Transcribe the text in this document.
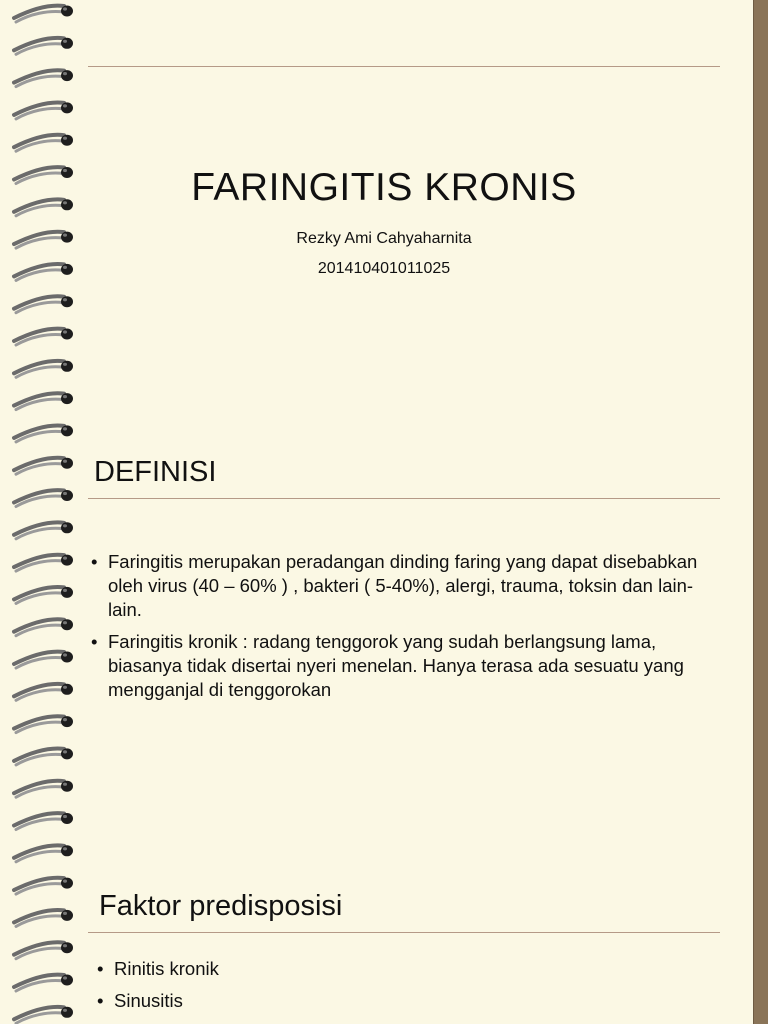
FARINGITIS KRONIS
Rezky Ami Cahyaharnita
201410401011025
DEFINISI
• Faringitis merupakan peradangan dinding faring yang dapat disebabkan oleh virus (40 – 60% ) , bakteri ( 5-40%), alergi, trauma, toksin dan lain-lain.
• Faringitis kronik : radang tenggorok yang sudah berlangsung lama, biasanya tidak disertai nyeri menelan. Hanya terasa ada sesuatu yang mengganjal di tenggorokan
Faktor predisposisi
• Rinitis kronik
• Sinusitis
